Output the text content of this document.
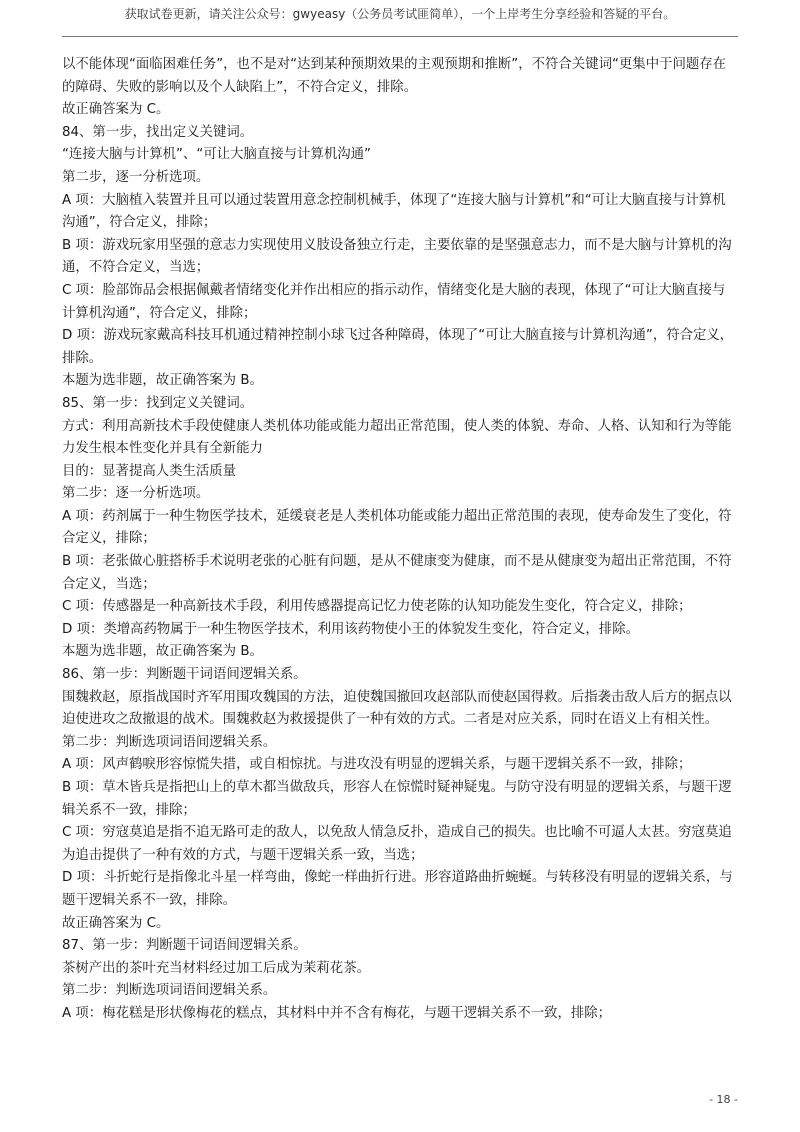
获取试卷更新，请关注公众号：gwyeasy（公务员考试匪简单），一个上岸考生分享经验和答疑的平台。

以不能体现“面临困难任务”，也不是对“达到某种预期效果的主观预期和推断”，不符合关键词“更集中于问题存在的障碍、失败的影响以及个人缺陷上”，不符合定义，排除。

故正确答案为 C。

84、第一步，找出定义关键词。

“连接大脑与计算机”、“可让大脑直接与计算机沟通”

第二步，逐一分析选项。

A 项：大脑植入装置并且可以通过装置用意念控制机械手，体现了“连接大脑与计算机”和“可让大脑直接与计算机沟通”，符合定义，排除；

B 项：游戏玩家用坚强的意志力实现使用义肢设备独立行走，主要依靠的是坚强意志力，而不是大脑与计算机的沟通，不符合定义，当选；

C 项：脸部饰品会根据佩戴者情绪变化并作出相应的指示动作，情绪变化是大脑的表现，体现了“可让大脑直接与计算机沟通”，符合定义，排除；

D 项：游戏玩家戴高科技耳机通过精神控制小球飞过各种障碍，体现了“可让大脑直接与计算机沟通”，符合定义，排除。

本题为选非题，故正确答案为 B。

85、第一步：找到定义关键词。

方式：利用高新技术手段使健康人类机体功能或能力超出正常范围，使人类的体貌、寿命、人格、认知和行为等能力发生根本性变化并具有全新能力

目的：显著提高人类生活质量

第二步：逐一分析选项。

A 项：药剂属于一种生物医学技术，延缓衰老是人类机体功能或能力超出正常范围的表现，使寿命发生了变化，符合定义，排除；

B 项：老张做心脏搭桥手术说明老张的心脏有问题，是从不健康变为健康，而不是从健康变为超出正常范围，不符合定义，当选；

C 项：传感器是一种高新技术手段，利用传感器提高记忆力使老陈的认知功能发生变化，符合定义，排除；

D 项：类增高药物属于一种生物医学技术，利用该药物使小王的体貌发生变化，符合定义，排除。

本题为选非题，故正确答案为 B。

86、第一步：判断题干词语间逻辑关系。

围魏救赵，原指战国时齐军用围攻魏国的方法，迫使魏国撤回攻赵部队而使赵国得救。后指袭击敌人后方的据点以迫使进攻之敌撤退的战术。围魏救赵为救援提供了一种有效的方式。二者是对应关系，同时在语义上有相关性。

第二步：判断选项词语间逻辑关系。

A 项：风声鹤唳形容惊慌失措，或自相惊扰。与进攻没有明显的逻辑关系，与题干逻辑关系不一致，排除；

B 项：草木皆兵是指把山上的草木都当做敌兵，形容人在惊慌时疑神疑鬼。与防守没有明显的逻辑关系，与题干逻辑关系不一致，排除；

C 项：穷寇莫追是指不追无路可走的敌人，以免敌人情急反扑，造成自己的损失。也比喻不可逼人太甚。穷寇莫追为追击提供了一种有效的方式，与题干逻辑关系一致，当选；

D 项：斗折蛇行是指像北斗星一样弯曲，像蛇一样曲折行进。形容道路曲折蜿蜒。与转移没有明显的逻辑关系，与题干逻辑关系不一致，排除。

故正确答案为 C。

87、第一步：判断题干词语间逻辑关系。

茶树产出的茶叶充当材料经过加工后成为茉莉花茶。

第二步：判断选项词语间逻辑关系。

A 项：梅花糕是形状像梅花的糕点，其材料中并不含有梅花，与题干逻辑关系不一致，排除；

- 18 -
